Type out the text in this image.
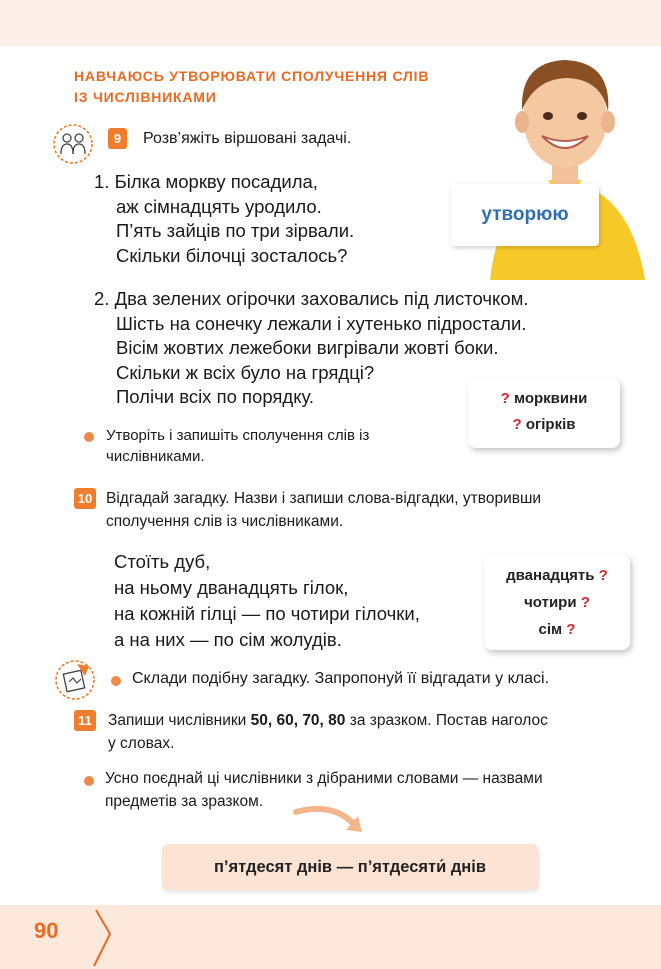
НАВЧАЮСЬ УТВОРЮВАТИ СПОЛУЧЕННЯ СЛІВ
ІЗ ЧИСЛІВНИКАМИ
утворюю
9	Розв’яжіть віршовані задачі.
1. Білка моркву посадила,
аж сімнадцять уродило.
П’ять зайців по три зірвали.
Скільки білочці зосталось?
2. Два зелених огірочки заховались під листочком.
Шість на сонечку лежали і хутенько підростали.
Вісім жовтих лежебоки вигрівали жовті боки.
Скільки ж всіх було на грядці?
Полічи всіх по порядку.	? морквини
? огірків
Утворіть і запишіть сполучення слів із
числівниками.
10 Відгадай загадку. Назви і запиши слова-відгадки, утворивши
сполучення слів із числівниками.
Стоїть дуб,
на ньому дванадцять гілок,
на кожній гілці — по чотири гілочки,
а на них — по сім жолудів.
дванадцять ?
чотири ?
сім ?
Склади подібну загадку. Запропонуй її відгадати у класі.
11 Запиши числівники 50, 60, 70, 80 за зразком. Постав наголос
у словах.
Усно поєднай ці числівники з дібраними словами — назвами
предметів за зразком.
п’ятдесят днів — п’ятдесяти́ днів
90
